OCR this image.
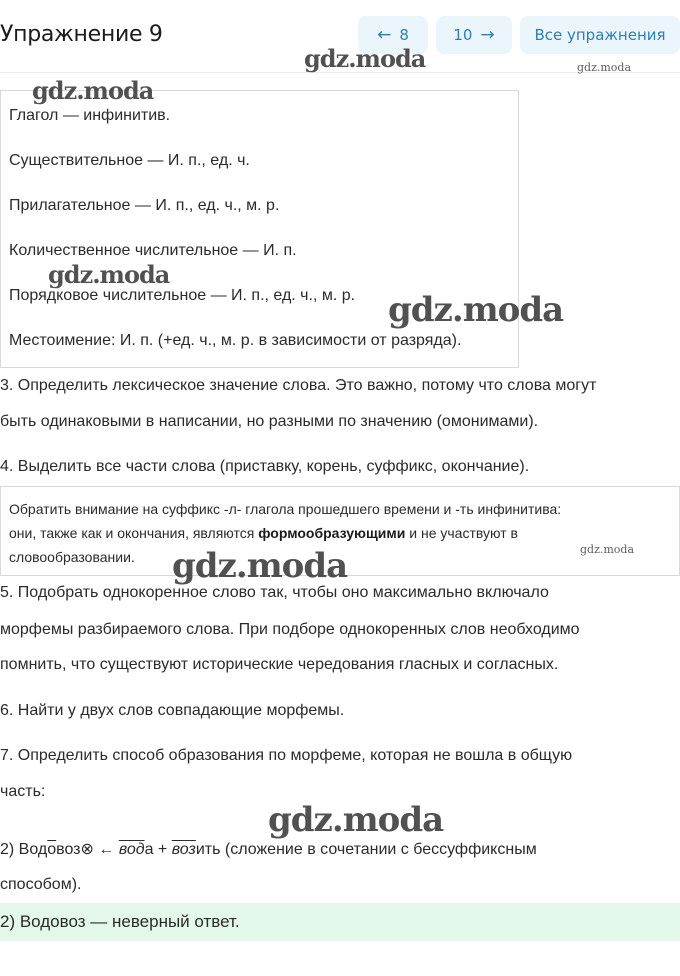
Упражнение 9	← 8	10 →	Все упражнения
Глагол — инфинитив.
Существительное — И. п., ед. ч.
Прилагательное — И. п., ед. ч., м. р.
Количественное числительное — И. п.
Порядковое числительное — И. п., ед. ч., м. р.
Местоимение: И. п. (+ед. ч., м. р. в зависимости от разряда).
3. Определить лексическое значение слова. Это важно, потому что слова могут
быть одинаковыми в написании, но разными по значению (омонимами).
4. Выделить все части слова (приставку, корень, суффикс, окончание).
Обратить внимание на суффикс -л- глагола прошедшего времени и -ть инфинитива:
они, также как и окончания, являются формообразующими и не участвуют в
словообразовании.
5. Подобрать однокоренное слово так, чтобы оно максимально включало
морфемы разбираемого слова. При подборе однокоренных слов необходимо
помнить, что существуют исторические чередования гласных и согласных.
6. Найти у двух слов совпадающие морфемы.
7. Определить способ образования по морфеме, которая не вошла в общую
часть:
2) Водовоз⊗ ← вода + возить (сложение в сочетании с бессуффиксным
способом).
2) Водовоз — неверный ответ.
gdz.moda	gdz.moda
gdz.moda
gdz.moda
gdz.moda
gdz.moda
gdz.moda
gdz.moda
